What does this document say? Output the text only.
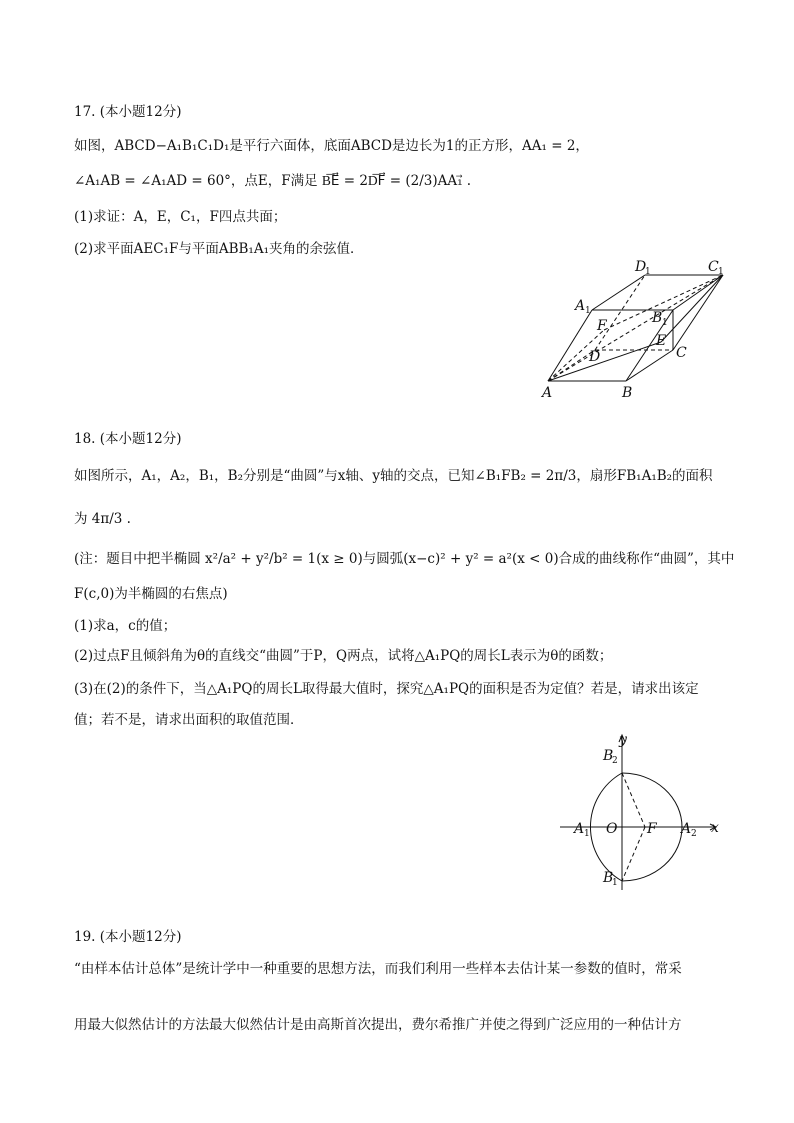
17. (本小题12分)
如图，ABCD−A₁B₁C₁D₁是平行六面体，底面ABCD是边长为1的正方形，AA₁ = 2，
∠A₁AB = ∠A₁AD = 60°，点E，F满足 B͞E⃗ = 2D͞F⃗ = (2/3)AA₁⃗ .
(1)求证：A，E，C₁，F四点共面；
(2)求平面AEC₁F与平面ABB₁A₁夹角的余弦值．
D
1	C 1
A 1	B 1
F
E
D	C
A	B
18. (本小题12分)
如图所示，A₁，A₂，B₁，B₂分别是“曲圆”与x轴、y轴的交点，已知∠B₁FB₂ = 2π/3，扇形FB₁A₁B₂的面积
为 4π/3 .
(注：题目中把半椭圆 x²/a² + y²/b² = 1(x ≥ 0)与圆弧(x−c)² + y² = a²(x < 0)合成的曲线称作“曲圆”，其中
F(c,0)为半椭圆的右焦点)
(1)求a，c的值；
(2)过点F且倾斜角为θ的直线交“曲圆”于P，Q两点，试将△A₁PQ的周长L表示为θ的函数；
(3)在(2)的条件下，当△A₁PQ的周长L取得最大值时，探究△A₁PQ的面积是否为定值？若是，请求出该定
值；若不是，请求出面积的取值范围．
y
x
B
2
B
1
A 1 O F A 2
19. (本小题12分)
“由样本估计总体”是统计学中一种重要的思想方法，而我们利用一些样本去估计某一参数的值时，常采
用最大似然估计的方法最大似然估计是由高斯首次提出，费尔希推广并使之得到广泛应用的一种估计方
